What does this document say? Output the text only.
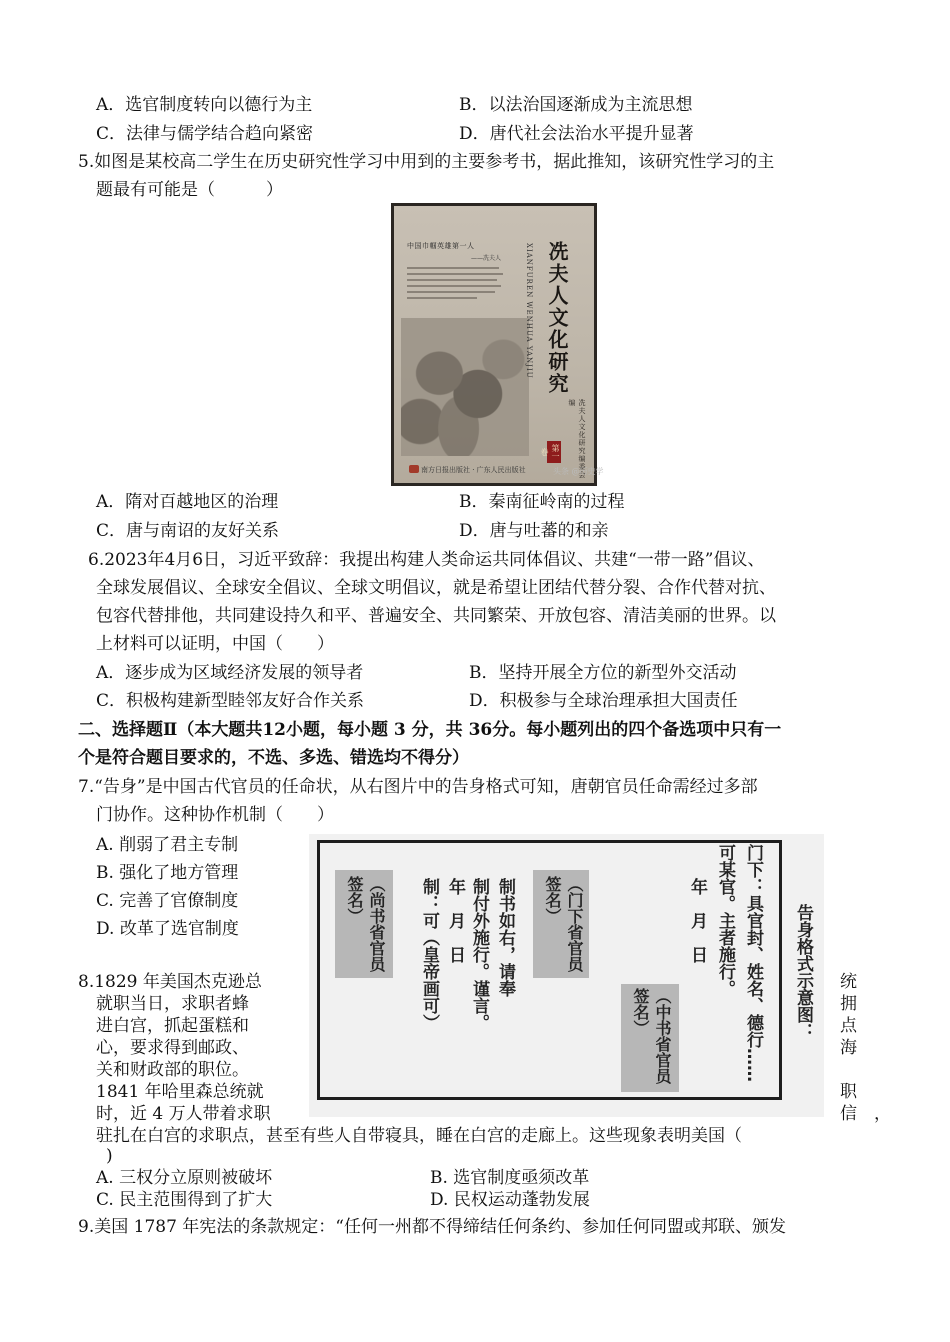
A．选官制度转向以德行为主	B．以法治国逐渐成为主流思想
C．法律与儒学结合趋向紧密	D．唐代社会法治水平提升显著
5.如图是某校高二学生在历史研究性学习中用到的主要参考书，据此推知，该研究性学习的主
题最有可能是（　　　）
中国巾帼英雄第一人
——冼夫人	XIANFUREN WENHUA YANJIU 冼夫人文化研究
第一卷	冼夫人文化研究编委会 编
南方日报出版社 · 广东人民出版社	头条 @历史学
A．隋对百越地区的治理	B．秦南征岭南的过程
C．唐与南诏的友好关系	D．唐与吐蕃的和亲
6.2023年4月6日，习近平致辞：我提出构建人类命运共同体倡议、共建“一带一路”倡议、
全球发展倡议、全球安全倡议、全球文明倡议，就是希望让团结代替分裂、合作代替对抗、
包容代替排他，共同建设持久和平、普遍安全、共同繁荣、开放包容、清洁美丽的世界。以
上材料可以证明，中国（　　）
A．逐步成为区域经济发展的领导者	B．坚持开展全方位的新型外交活动
C．积极构建新型睦邻友好合作关系	D．积极参与全球治理承担大国责任
二、选择题Ⅱ（本大题共12小题，每小题 3 分，共 36分。每小题列出的四个备选项中只有一
个是符合题目要求的，不选、多选、错选均不得分）
7.“告身”是中国古代官员的任命状，从右图片中的告身格式可知，唐朝官员任命需经过多部
门协作。这种协作机制（　　）
A. 削弱了君主专制
B. 强化了地方管理
C. 完善了官僚制度
D. 改革了选官制度	告身格式示意图：
门下：具官封、姓名、德行……
可某官。主者施行。
年　月　日
（中书省官员签名）
（门下省官员签名）
制书如右，请奉
制付外施行。谨言。
年　月　日
制：可（皇帝画可）
（尚书省官员签名）
8.1829 年美国杰克逊总
就职当日，求职者蜂
进白宫，抓起蛋糕和
心，要求得到邮政、
关和财政部的职位。
1841 年哈里森总统就
时，近 4 万人带着求职
统
拥
点
海
职
信　，
驻扎在白宫的求职点，甚至有些人自带寝具，睡在白宫的走廊上。这些现象表明美国（
)
A. 三权分立原则被破坏	B. 选官制度亟须改革
C. 民主范围得到了扩大	D. 民权运动蓬勃发展
9.美国 1787 年宪法的条款规定：“任何一州都不得缔结任何条约、参加任何同盟或邦联、颁发
